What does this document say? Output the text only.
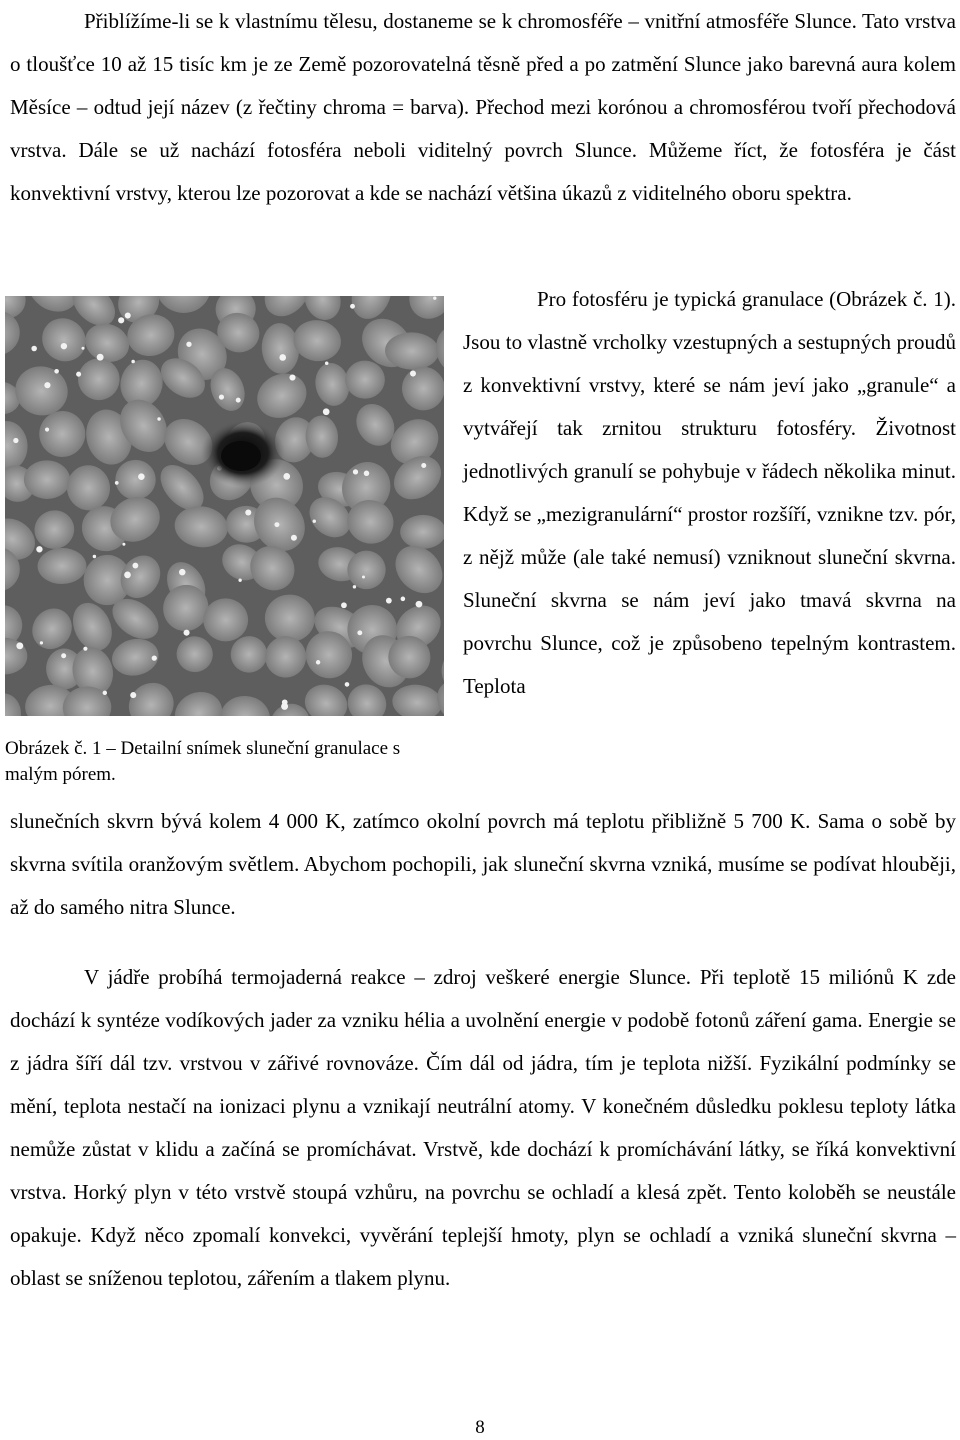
Přiblížíme-li se k vlastnímu tělesu, dostaneme se k chromosféře – vnitřní atmosféře Slunce. Tato vrstva o tloušťce 10 až 15 tisíc km je ze Země pozorovatelná těsně před a po zatmění Slunce jako barevná aura kolem Měsíce – odtud její název (z řečtiny chroma = barva). Přechod mezi korónou a chromosférou tvoří přechodová vrstva. Dále se už nachází fotosféra neboli viditelný povrch Slunce. Můžeme říct, že fotosféra je část konvektivní vrstvy, kterou lze pozorovat a kde se nachází většina úkazů z viditelného oboru spektra.

Pro fotosféru je typická granulace (Obrázek č. 1). Jsou to vlastně vrcholky vzestupných a sestupných proudů z konvektivní vrstvy, které se nám jeví jako „granule“ a vytvářejí tak zrnitou strukturu fotosféry. Životnost jednotlivých granulí se pohybuje v řádech několika minut. Když se „mezigranulární“ prostor rozšíří, vznikne tzv. pór, z nějž může (ale také nemusí) vzniknout sluneční skvrna. Sluneční skvrna se nám jeví jako tmavá skvrna na povrchu Slunce, což je způsobeno tepelným kontrastem. Teplota

Obrázek č. 1 – Detailní snímek sluneční granulace s malým pórem.

slunečních skvrn bývá kolem 4 000 K, zatímco okolní povrch má teplotu přibližně 5 700 K. Sama o sobě by skvrna svítila oranžovým světlem. Abychom pochopili, jak sluneční skvrna vzniká, musíme se podívat hlouběji, až do samého nitra Slunce.

V jádře probíhá termojaderná reakce – zdroj veškeré energie Slunce. Při teplotě 15 miliónů K zde dochází k syntéze vodíkových jader za vzniku hélia a uvolnění energie v podobě fotonů záření gama. Energie se z jádra šíří dál tzv. vrstvou v zářivé rovnováze. Čím dál od jádra, tím je teplota nižší. Fyzikální podmínky se mění, teplota nestačí na ionizaci plynu a vznikají neutrální atomy. V konečném důsledku poklesu teploty látka nemůže zůstat v klidu a začíná se promíchávat. Vrstvě, kde dochází k promíchávání látky, se říká konvektivní vrstva. Horký plyn v této vrstvě stoupá vzhůru, na povrchu se ochladí a klesá zpět. Tento koloběh se neustále opakuje. Když něco zpomalí konvekci, vyvěrání teplejší hmoty, plyn se ochladí a vzniká sluneční skvrna – oblast se sníženou teplotou, zářením a tlakem plynu.

8
